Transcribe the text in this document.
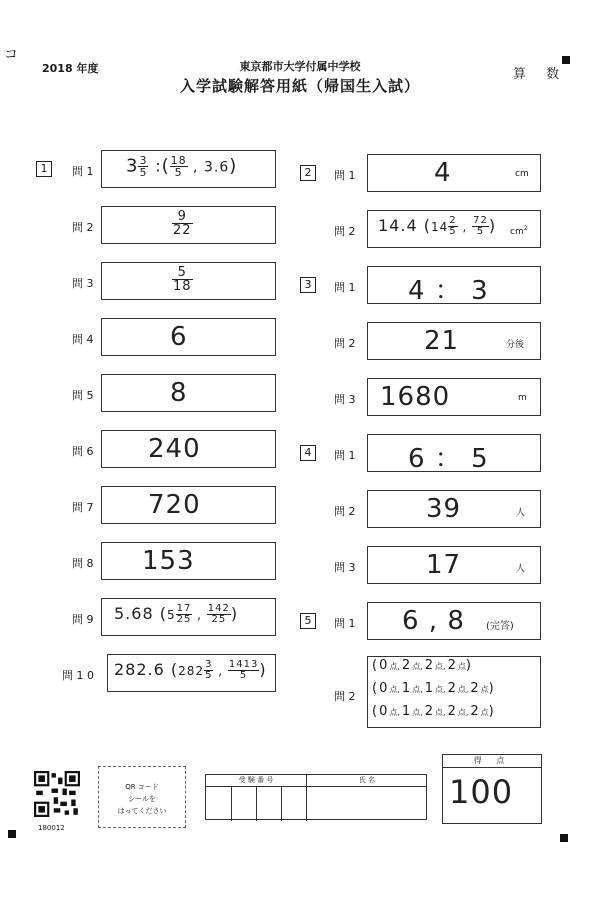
コ
2018 年度	東京都市大学付属中学校
入学試験解答用紙（帰国生入試）
算 数
1	問 1 $3 \frac{3}{5}$ :( $\frac{18}{5}$ , 3.6)
問 2	$\frac{9}{22}$
問 3	$\frac{5}{18}$
問 4	6
問 5	8
問 6 240
問 7 720
問 8 153
問 9 5.68 ($5 \frac{17}{25}$ , $\frac{142}{25}$ )
問 1 0 282.6 ($282 \frac{3}{5}$ , $\frac{1413}{5}$ )
2	問 1	4	cm
問 2 14.4 ($14 \frac{2}{5}$ , $\frac{72}{5}$ ) $cm^2$
3	問 1 4 ： 3
問 2	21	分後
問 3 1680	m
4	問 1 6 ： 5
問 2	39	人
問 3	17	人
5	問 1 6 , 8 (完答)
問 2
( 0 点, 2 点, 2 点, 2 点)
( 0 点, 1 点, 1 点, 2 点, 2 点)
( 0 点, 1 点, 2 点, 2 点, 2 点)
180012
QR コード
シールを
はってください
受 験 番 号	氏 名
得 点
100
